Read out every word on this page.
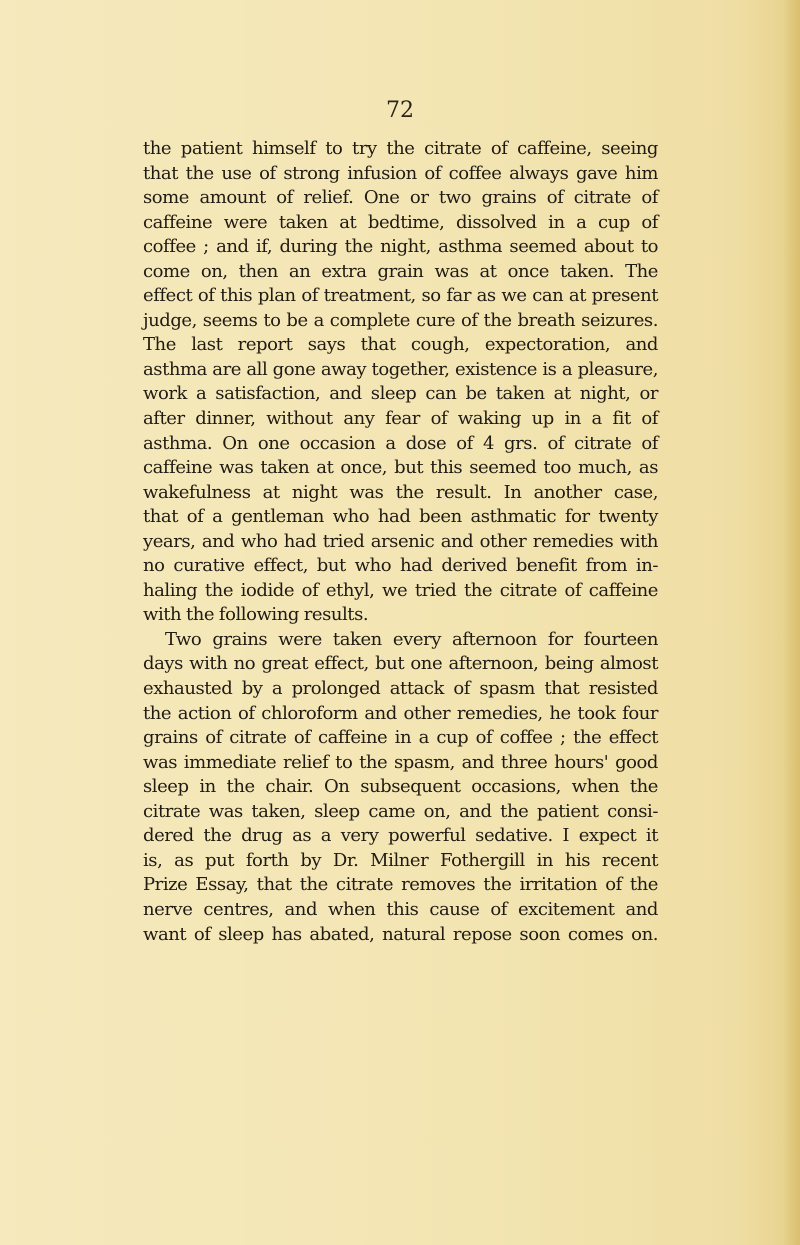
72
the patient himself to try the citrate of caffeine, seeing
that the use of strong infusion of coffee always gave him
some amount of relief. One or two grains of citrate of
caffeine were taken at bedtime, dissolved in a cup of
coffee ; and if, during the night, asthma seemed about to
come on, then an extra grain was at once taken. The
effect of this plan of treatment, so far as we can at present
judge, seems to be a complete cure of the breath seizures.
The last report says that cough, expectoration, and
asthma are all gone away together, existence is a pleasure,
work a satisfaction, and sleep can be taken at night, or
after dinner, without any fear of waking up in a fit of
asthma. On one occasion a dose of 4 grs. of citrate of
caffeine was taken at once, but this seemed too much, as
wakefulness at night was the result. In another case,
that of a gentleman who had been asthmatic for twenty
years, and who had tried arsenic and other remedies with
no curative effect, but who had derived benefit from in-
haling the iodide of ethyl, we tried the citrate of caffeine
with the following results.
Two grains were taken every afternoon for fourteen
days with no great effect, but one afternoon, being almost
exhausted by a prolonged attack of spasm that resisted
the action of chloroform and other remedies, he took four
grains of citrate of caffeine in a cup of coffee ; the effect
was immediate relief to the spasm, and three hours' good
sleep in the chair. On subsequent occasions, when the
citrate was taken, sleep came on, and the patient consi-
dered the drug as a very powerful sedative. I expect it
is, as put forth by Dr. Milner Fothergill in his recent
Prize Essay, that the citrate removes the irritation of the
nerve centres, and when this cause of excitement and
want of sleep has abated, natural repose soon comes on.
